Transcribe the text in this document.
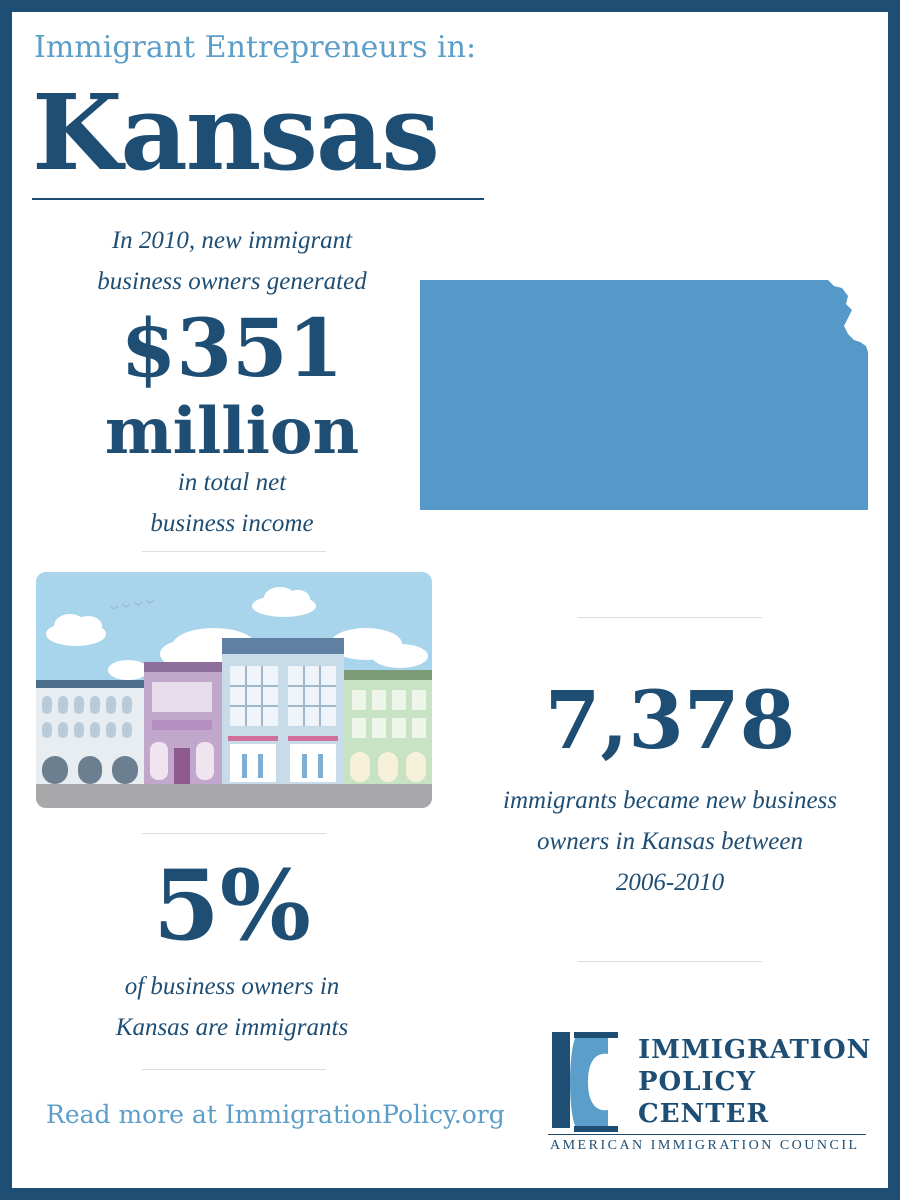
Immigrant Entrepreneurs in:
Kansas
In 2010, new immigrant
business owners generated
$351
million
in total net
business income
7,378
immigrants became new business
owners in Kansas between
2006-2010
5%
of business owners in
Kansas are immigrants
Read more at ImmigrationPolicy.org
IMMIGRATION
POLICY
CENTER
AMERICAN IMMIGRATION COUNCIL
